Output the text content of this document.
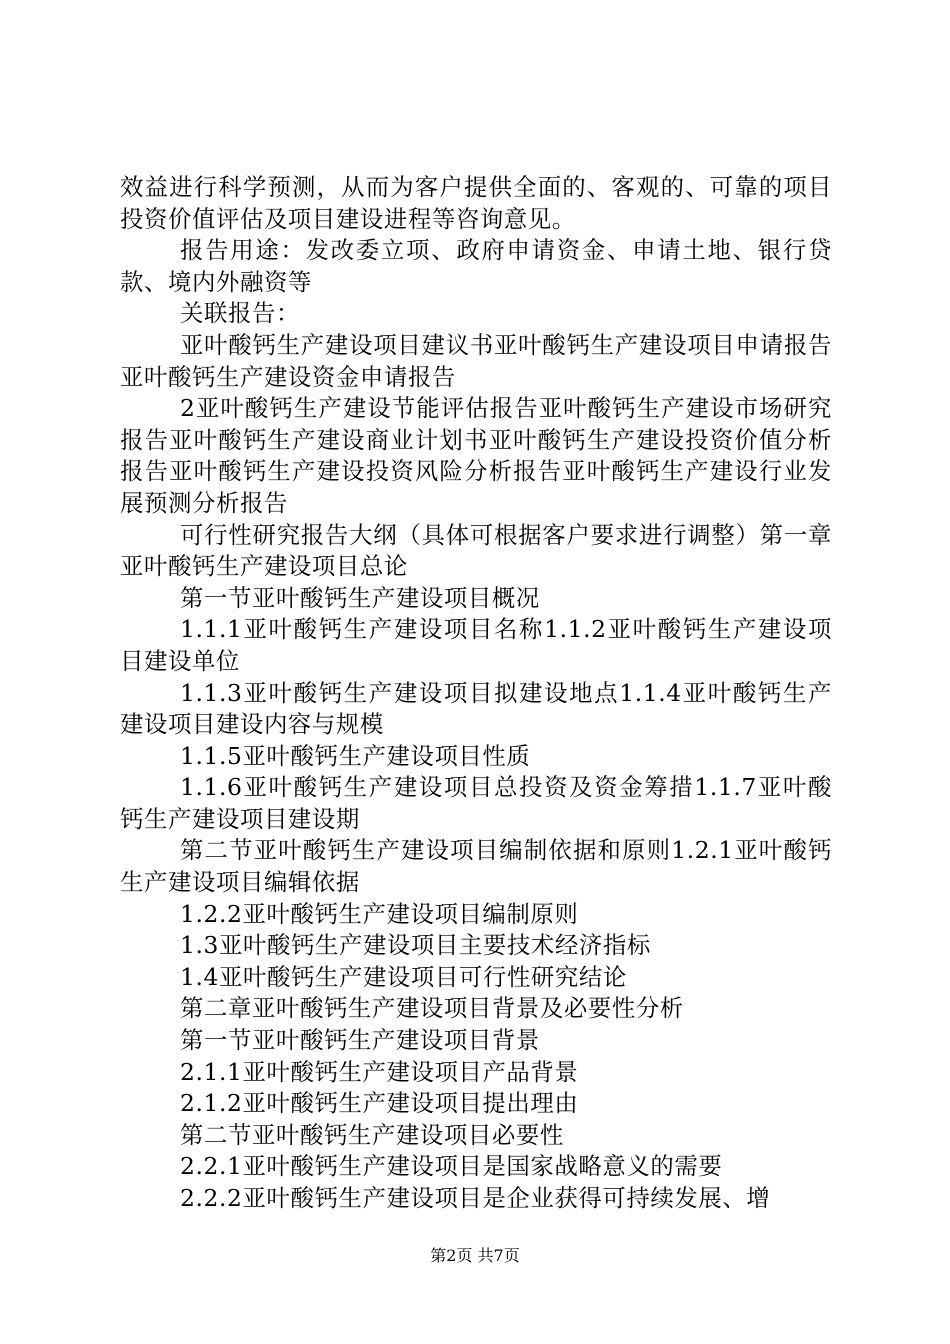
效益进行科学预测，从而为客户提供全面的、客观的、可靠的项目投资价值评估及项目建设进程等咨询意见。

报告用途：发改委立项、政府申请资金、申请土地、银行贷款、境内外融资等

关联报告：

亚叶酸钙生产建设项目建议书亚叶酸钙生产建设项目申请报告亚叶酸钙生产建设资金申请报告

2亚叶酸钙生产建设节能评估报告亚叶酸钙生产建设市场研究报告亚叶酸钙生产建设商业计划书亚叶酸钙生产建设投资价值分析报告亚叶酸钙生产建设投资风险分析报告亚叶酸钙生产建设行业发展预测分析报告

可行性研究报告大纲（具体可根据客户要求进行调整）第一章亚叶酸钙生产建设项目总论

第一节亚叶酸钙生产建设项目概况

1.1.1亚叶酸钙生产建设项目名称1.1.2亚叶酸钙生产建设项目建设单位

1.1.3亚叶酸钙生产建设项目拟建设地点1.1.4亚叶酸钙生产建设项目建设内容与规模

1.1.5亚叶酸钙生产建设项目性质

1.1.6亚叶酸钙生产建设项目总投资及资金筹措1.1.7亚叶酸钙生产建设项目建设期

第二节亚叶酸钙生产建设项目编制依据和原则1.2.1亚叶酸钙生产建设项目编辑依据

1.2.2亚叶酸钙生产建设项目编制原则

1.3亚叶酸钙生产建设项目主要技术经济指标

1.4亚叶酸钙生产建设项目可行性研究结论

第二章亚叶酸钙生产建设项目背景及必要性分析

第一节亚叶酸钙生产建设项目背景

2.1.1亚叶酸钙生产建设项目产品背景

2.1.2亚叶酸钙生产建设项目提出理由

第二节亚叶酸钙生产建设项目必要性

2.2.1亚叶酸钙生产建设项目是国家战略意义的需要

2.2.2亚叶酸钙生产建设项目是企业获得可持续发展、增

第2页 共7页
